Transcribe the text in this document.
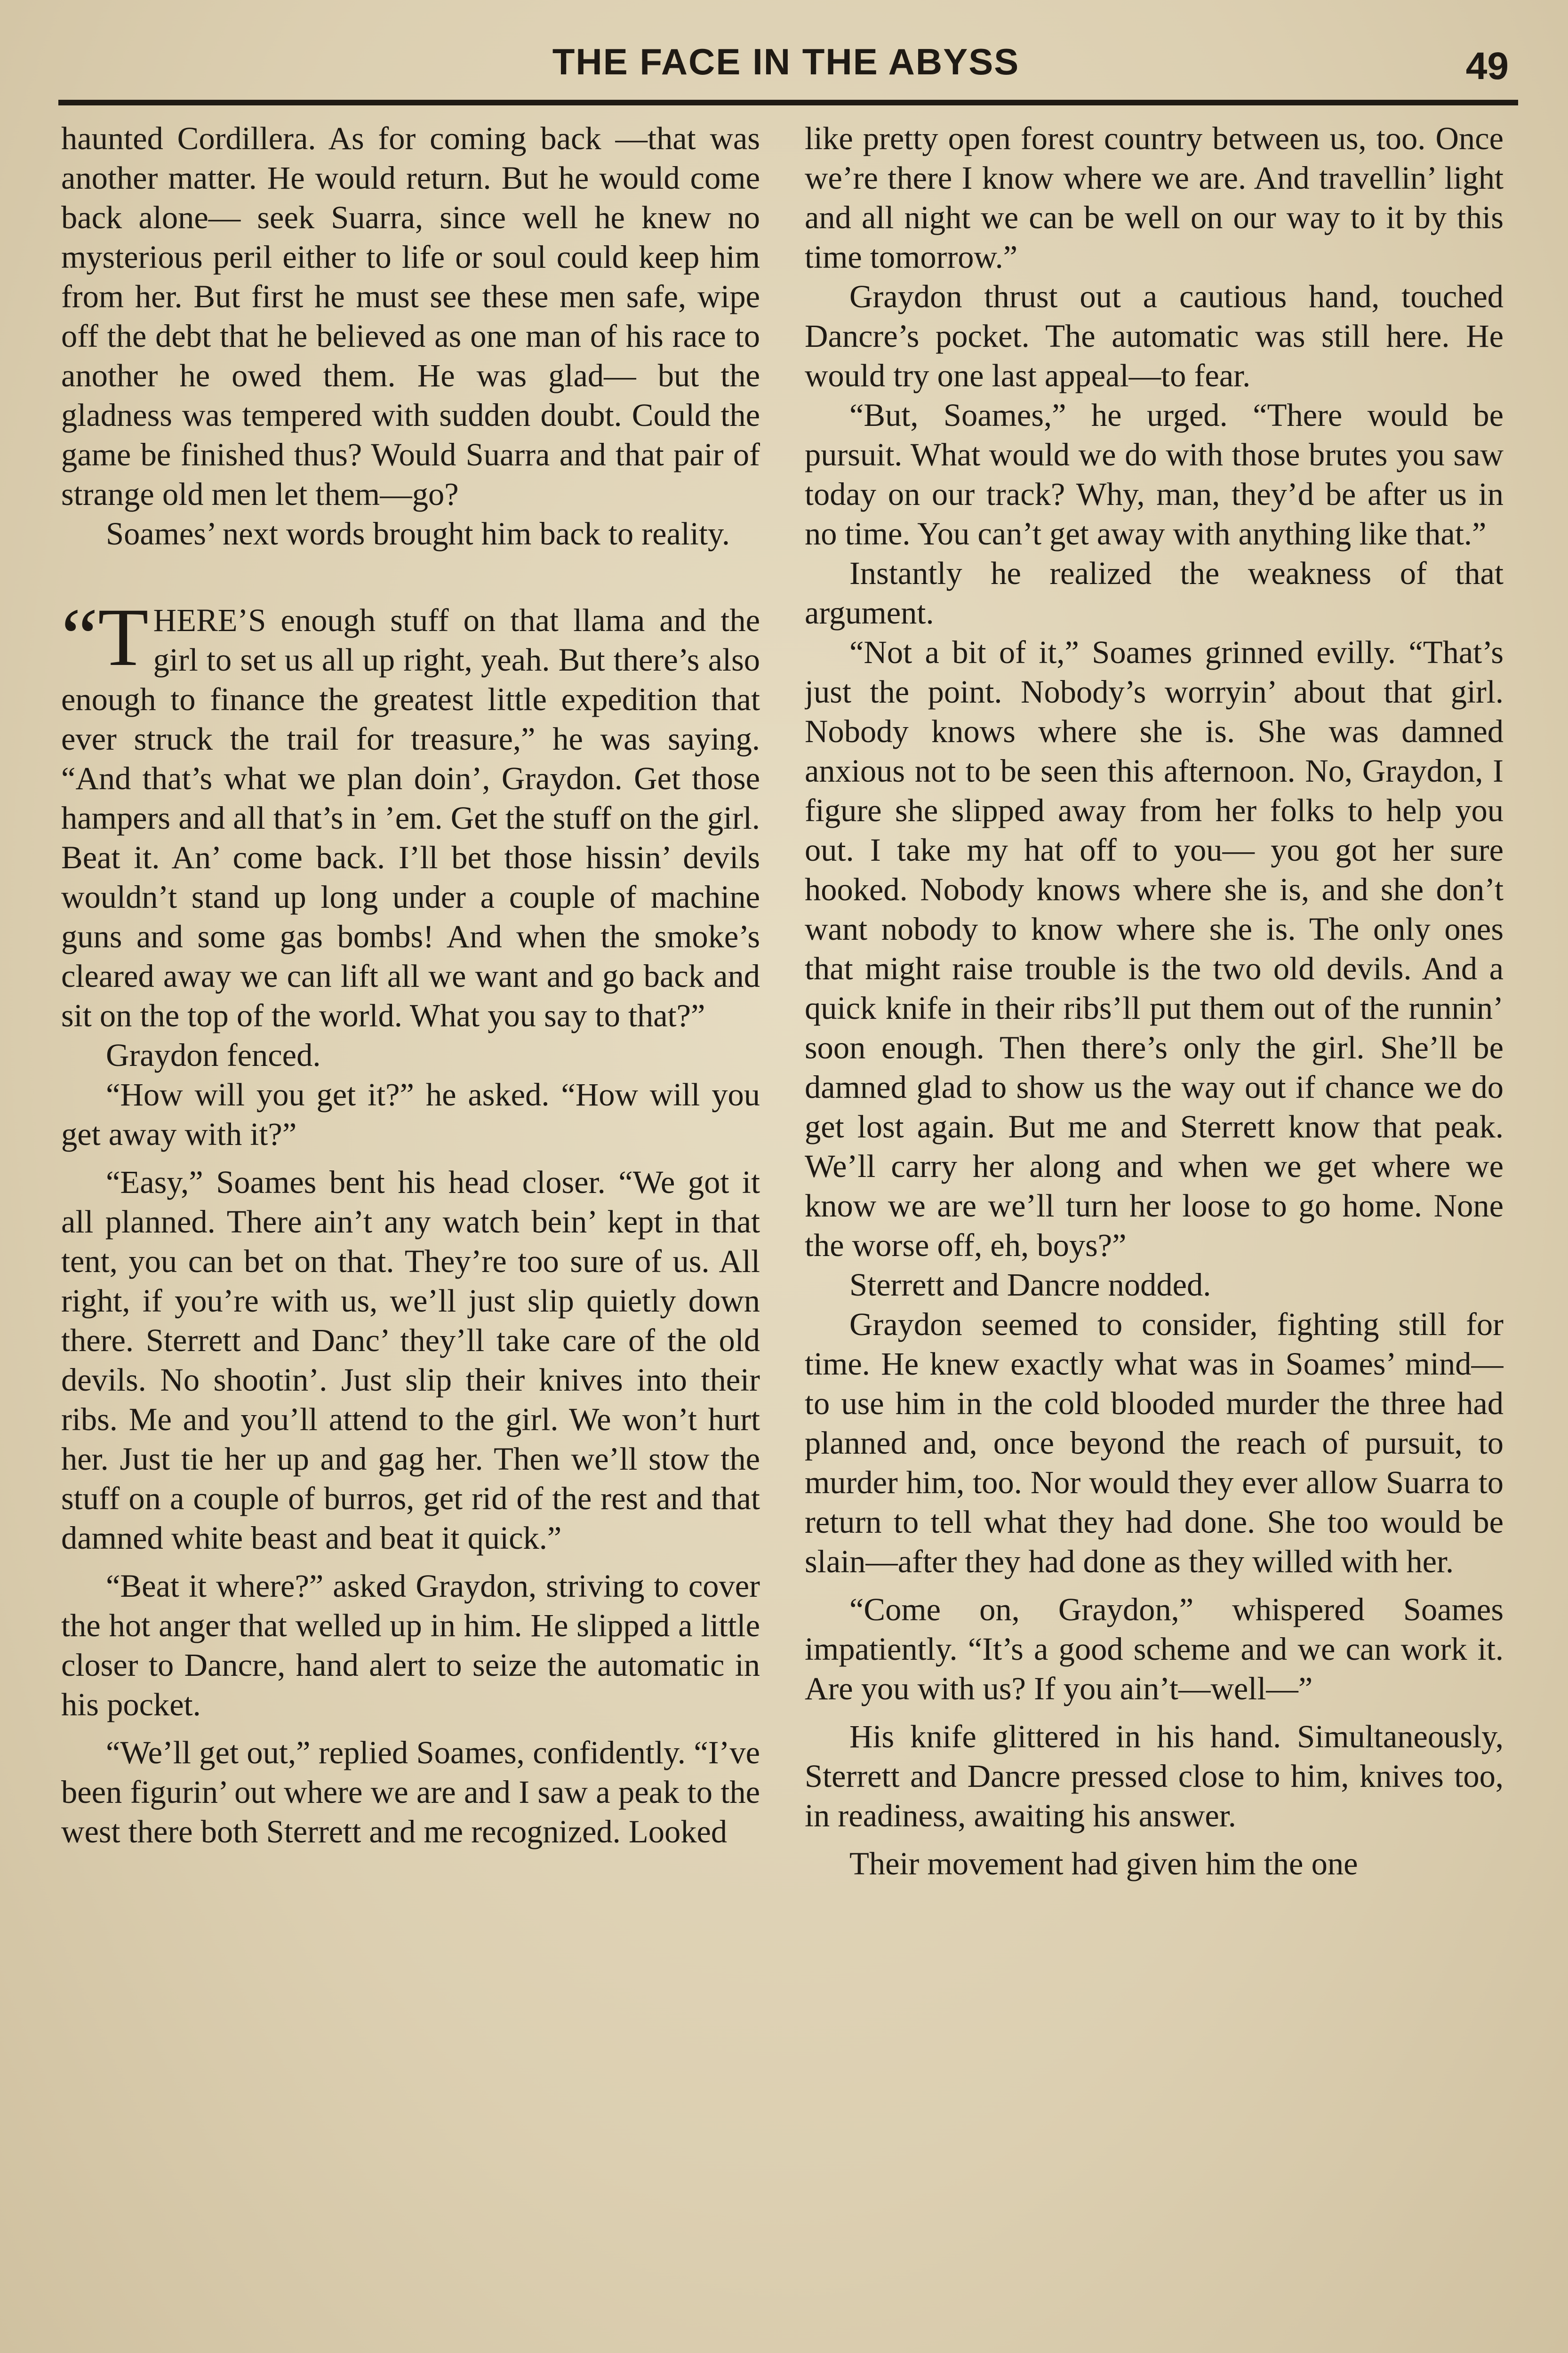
THE FACE IN THE ABYSS	49

haunted Cordillera. As for coming back —that was another matter. He would return. But he would come back alone— seek Suarra, since well he knew no mysterious peril either to life or soul could keep him from her. But first he must see these men safe, wipe off the debt that he believed as one man of his race to another he owed them. He was glad— but the gladness was tempered with sudden doubt. Could the game be finished thus? Would Suarra and that pair of strange old men let them—go?

Soames’ next words brought him back to reality.

“T HERE’S enough stuff on that llama and the girl to set us all up right, yeah. But there’s also enough to finance the greatest little expedition that ever struck the trail for treasure,” he was saying. “And that’s what we plan doin’, Graydon. Get those hampers and all that’s in ’em. Get the stuff on the girl. Beat it. An’ come back. I’ll bet those hissin’ devils wouldn’t stand up long under a couple of machine guns and some gas bombs! And when the smoke’s cleared away we can lift all we want and go back and sit on the top of the world. What you say to that?”

Graydon fenced.

“How will you get it?” he asked. “How will you get away with it?”

“Easy,” Soames bent his head closer. “We got it all planned. There ain’t any watch bein’ kept in that tent, you can bet on that. They’re too sure of us. All right, if you’re with us, we’ll just slip quietly down there. Sterrett and Danc’ they’ll take care of the old devils. No shootin’. Just slip their knives into their ribs. Me and you’ll attend to the girl. We won’t hurt her. Just tie her up and gag her. Then we’ll stow the stuff on a couple of burros, get rid of the rest and that damned white beast and beat it quick.”

“Beat it where?” asked Graydon, striving to cover the hot anger that welled up in him. He slipped a little closer to Dancre, hand alert to seize the automatic in his pocket.

“We’ll get out,” replied Soames, confidently. “I’ve been figurin’ out where we are and I saw a peak to the west there both Sterrett and me recognized. Looked

like pretty open forest country between us, too. Once we’re there I know where we are. And travellin’ light and all night we can be well on our way to it by this time tomorrow.”

Graydon thrust out a cautious hand, touched Dancre’s pocket. The automatic was still here. He would try one last appeal—to fear.

“But, Soames,” he urged. “There would be pursuit. What would we do with those brutes you saw today on our track? Why, man, they’d be after us in no time. You can’t get away with anything like that.”

Instantly he realized the weakness of that argument.

“Not a bit of it,” Soames grinned evilly. “That’s just the point. Nobody’s worryin’ about that girl. Nobody knows where she is. She was damned anxious not to be seen this afternoon. No, Graydon, I figure she slipped away from her folks to help you out. I take my hat off to you— you got her sure hooked. Nobody knows where she is, and she don’t want nobody to know where she is. The only ones that might raise trouble is the two old devils. And a quick knife in their ribs’ll put them out of the runnin’ soon enough. Then there’s only the girl. She’ll be damned glad to show us the way out if chance we do get lost again. But me and Sterrett know that peak. We’ll carry her along and when we get where we know we are we’ll turn her loose to go home. None the worse off, eh, boys?”

Sterrett and Dancre nodded.

Graydon seemed to consider, fighting still for time. He knew exactly what was in Soames’ mind—to use him in the cold blooded murder the three had planned and, once beyond the reach of pursuit, to murder him, too. Nor would they ever allow Suarra to return to tell what they had done. She too would be slain—after they had done as they willed with her.

“Come on, Graydon,” whispered Soames impatiently. “It’s a good scheme and we can work it. Are you with us? If you ain’t—well—”

His knife glittered in his hand. Simultaneously, Sterrett and Dancre pressed close to him, knives too, in readiness, awaiting his answer.

Their movement had given him the one
